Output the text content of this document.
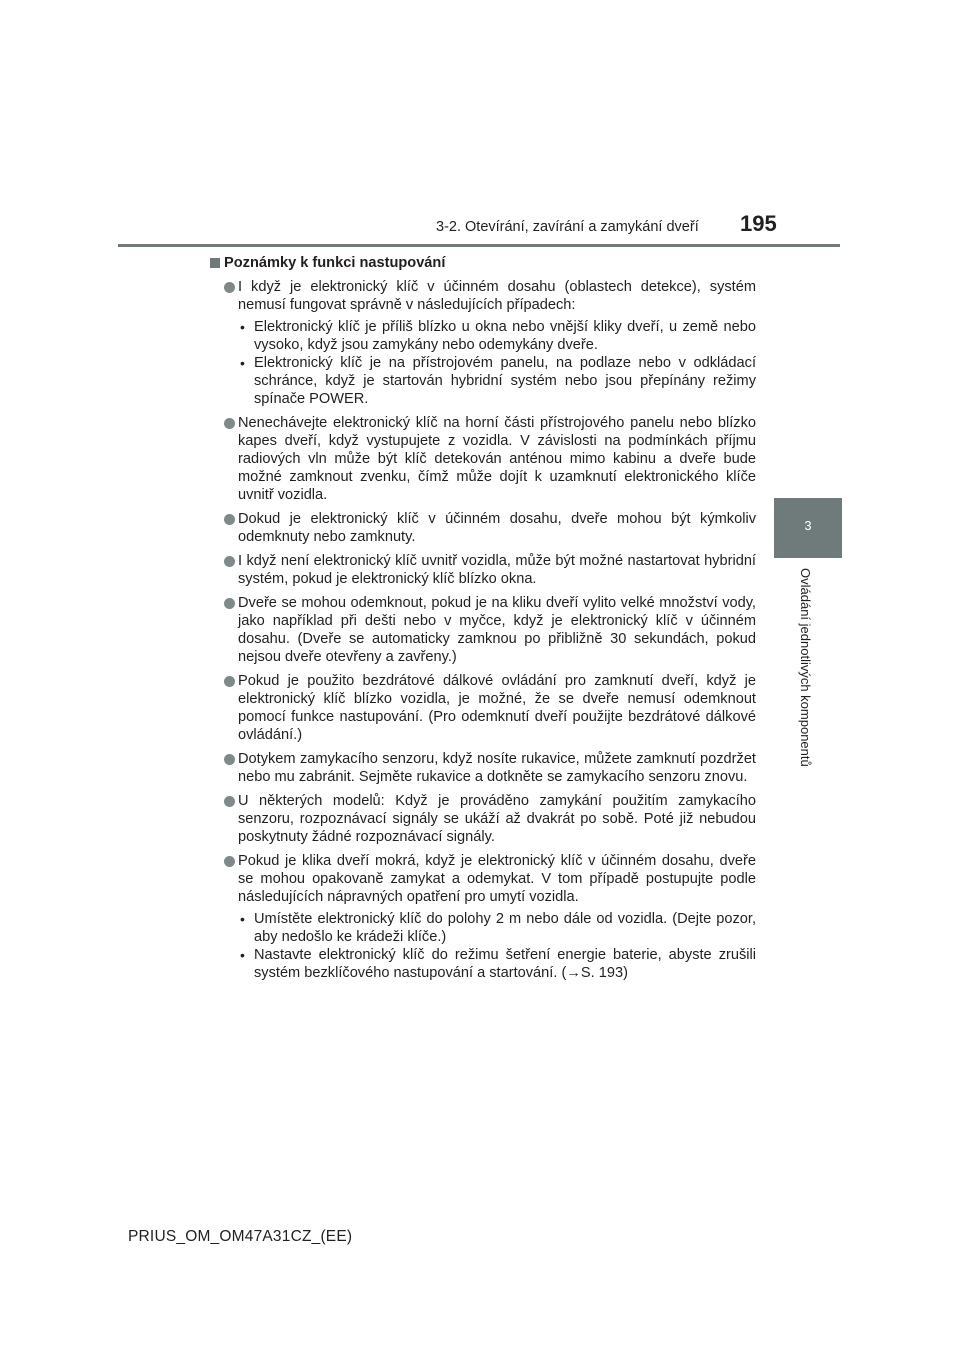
3-2. Otevírání, zavírání a zamykání dveří 195
3
Ovládání jednotlivých komponentů
Poznámky k funkci nastupování
I když je elektronický klíč v účinném dosahu (oblastech detekce), systém nemusí fungovat správně v následujících případech:
• Elektronický klíč je příliš blízko u okna nebo vnější kliky dveří, u země nebo vysoko, když jsou zamykány nebo odemykány dveře.
• Elektronický klíč je na přístrojovém panelu, na podlaze nebo v odkládací schránce, když je startován hybridní systém nebo jsou přepínány režimy spínače POWER.
Nenechávejte elektronický klíč na horní části přístrojového panelu nebo blízko kapes dveří, když vystupujete z vozidla. V závislosti na podmínkách příjmu radiových vln může být klíč detekován anténou mimo kabinu a dveře bude možné zamknout zvenku, čímž může dojít k uzamknutí elektronického klíče uvnitř vozidla.
Dokud je elektronický klíč v účinném dosahu, dveře mohou být kýmkoliv odemknuty nebo zamknuty.
I když není elektronický klíč uvnitř vozidla, může být možné nastartovat hybridní systém, pokud je elektronický klíč blízko okna.
Dveře se mohou odemknout, pokud je na kliku dveří vylito velké množství vody, jako například při dešti nebo v myčce, když je elektronický klíč v účinném dosahu. (Dveře se automaticky zamknou po přibližně 30 sekundách, pokud nejsou dveře otevřeny a zavřeny.)
Pokud je použito bezdrátové dálkové ovládání pro zamknutí dveří, když je elektronický klíč blízko vozidla, je možné, že se dveře nemusí odemknout pomocí funkce nastupování. (Pro odemknutí dveří použijte bezdrátové dálkové ovládání.)
Dotykem zamykacího senzoru, když nosíte rukavice, můžete zamknutí pozdržet nebo mu zabránit. Sejměte rukavice a dotkněte se zamykacího senzoru znovu.
U některých modelů: Když je prováděno zamykání použitím zamykacího senzoru, rozpoznávací signály se ukáží až dvakrát po sobě. Poté již nebudou poskytnuty žádné rozpoznávací signály.
Pokud je klika dveří mokrá, když je elektronický klíč v účinném dosahu, dveře se mohou opakovaně zamykat a odemykat. V tom případě postupujte podle následujících nápravných opatření pro umytí vozidla.
• Umístěte elektronický klíč do polohy 2 m nebo dále od vozidla. (Dejte pozor, aby nedošlo ke krádeži klíče.)
• Nastavte elektronický klíč do režimu šetření energie baterie, abyste zrušili systém bezklíčového nastupování a startování. (→S. 193)
PRIUS_OM_OM47A31CZ_(EE)
